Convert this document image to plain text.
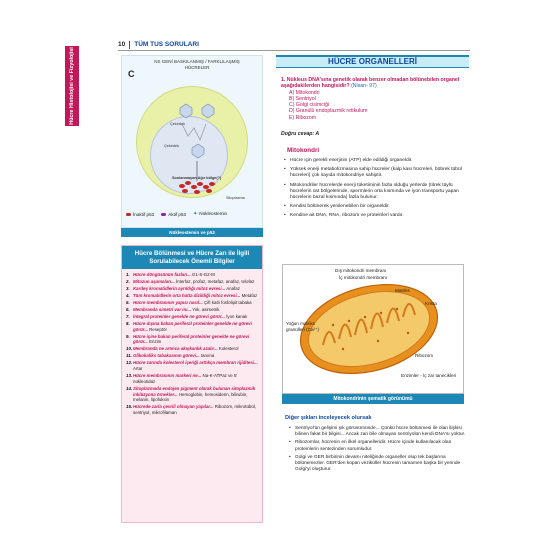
Hücre Histolojisi ve Fizyolojisi
10 TÜM TUS SORULARI
NS GENİ BASKILANMIŞ / FARKLILAŞMIŞ HÜCRELER
C
Çekirdek
Çekirdek
Sitoplazma
Sonlanmayan Ağır bölge(?)
İnaktif p53	Aktif p53 ✦ Nükleostemin
Nükleostemin ve p53
Hücre Bölünmesi ve Hücre Zarı ile İlgili Sorulabilecek Önemli Bilgiler
1. Hücre döngüsünün fazları... G1-S-G2-M
2. Mitozun aşamaları... İnterfaz, profaz, metafaz, anafaz, telofaz
3. Kardeş kromatidlerin ayrıldığı mitoz evresi... Anafaz
4. Tüm kromatidlerin orta hatta dizildiği mitoz evresi... Metafaz
5. Hücre membranının yapısı nasıl... Çift katlı fosfolipit tabaka
6. Membranda simetri var mı... Yok, asimetrik
7. İntegral proteinler genelde ne görevi görür... İyon kanalı
8. Hücre dışına bakan periferal proteinler genelde ne görevi görür... Reseptör
9. Hücre içine bakan periferal proteinler genelde ne görevi görür... Enzim
10. Membranda ne artınca akışkanlık azalır... Kolesterol
11. Glikokaliks tabakasının görevi... tanıma
12. Hücre zarında kolesterol içeriği arttıkça membran rijiditesi... Artar
13. Hücre membranının markeri ne... Na-K-ATPaz ve 5' nükleotidaz
14. Sitoplazmada endojen pigment olarak bulunan sitoplazmik inklüzyona örnekler... Hemoglobin, hemosiderin, bilirubin, melanin, lipofuksin
15. Hücrede zarla çevrili olmayan yapılar... Ribozom, mikrotübül, sentriyol, mikrofilaman
HÜCRE ORGANELLERİ
1. Nükleus DNA'sına genetik olarak benzer olmadan bölünebilen organel aşağıdakilerden hangisidir? (Nisan- 97)
A) Mitokondri
B) Sentriyol
C) Golgi cisimciği
D) Granülü endoplazmik retikulum
E) Ribozom
Doğru cevap: A
Mitokondri
• Hücre için gerekli enerjinin (ATP) elde edildiği organeldir.
• Yüksek enerji metabolizmasına sahip hücreler (kalp kası hücreleri, böbrek tübül hücreleri) çok sayıda mitokondriye sahiptir.
• Mitokondriler hücrelerde enerji tüketiminin fazla olduğu yerlerde (titrek tüylü hücrelerin üst bölgelerinde, spermlerin orta kısmında ve iyon transportu yapan hücrelerin bazal kısmında) fazla bulunur.
• Kendisi bölünerek yenilenebilen bir organeldir.
• Kendine ait DNA, RNA, ribozom ve proteinleri vardır.
Dış mitokondri membranı
İç mitokondri membranı
Matriks
Krista
Yoğun matriks granülleri (Ca²⁺)
Ribozom
Enzimler - İç zar tanecikleri
Mitokondrinin şematik görünümü
Diğer şıkları inceleyecek olursak
• Sentriyol'ün gelişimi şık görünümünde... Çünkü hücre bölünmesi ile olan ilişkisi bilinen fakat bir bilgisi... Ancak zan bile olmayan sentriyolün kendi DNA'sı yoktur.
• Ribozomlar, hücrenin en ilkel organelleridir. Hücre içinde kullanılacak olan proteinlerin sentezinden sorumludur.
• Golgi ve GER birbirinin devamı niteliğinde organeller olup tek başlarına bölünemezler. GER'den kopan veziküller hücrenin tamamen başka bir yerinde Golgi'yi oluşturur.
